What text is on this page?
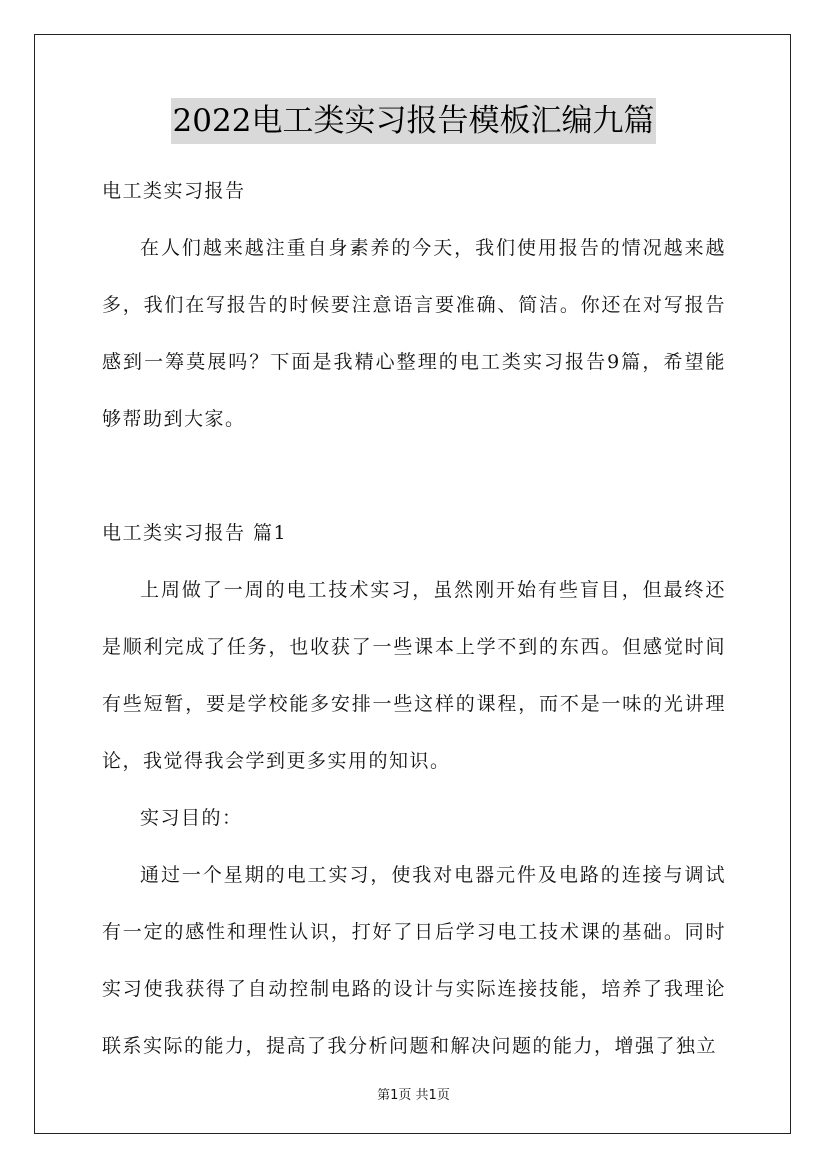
2022电工类实习报告模板汇编九篇

电工类实习报告

在人们越来越注重自身素养的今天，我们使用报告的情况越来越多，我们在写报告的时候要注意语言要准确、简洁。你还在对写报告感到一筹莫展吗？下面是我精心整理的电工类实习报告9篇，希望能够帮助到大家。

电工类实习报告 篇1

上周做了一周的电工技术实习，虽然刚开始有些盲目，但最终还是顺利完成了任务，也收获了一些课本上学不到的东西。但感觉时间有些短暂，要是学校能多安排一些这样的课程，而不是一味的光讲理论，我觉得我会学到更多实用的知识。

实习目的：

通过一个星期的电工实习，使我对电器元件及电路的连接与调试有一定的感性和理性认识，打好了日后学习电工技术课的基础。同时实习使我获得了自动控制电路的设计与实际连接技能，培养了我理论联系实际的能力，提高了我分析问题和解决问题的能力，增强了独立

第1页 共1页
